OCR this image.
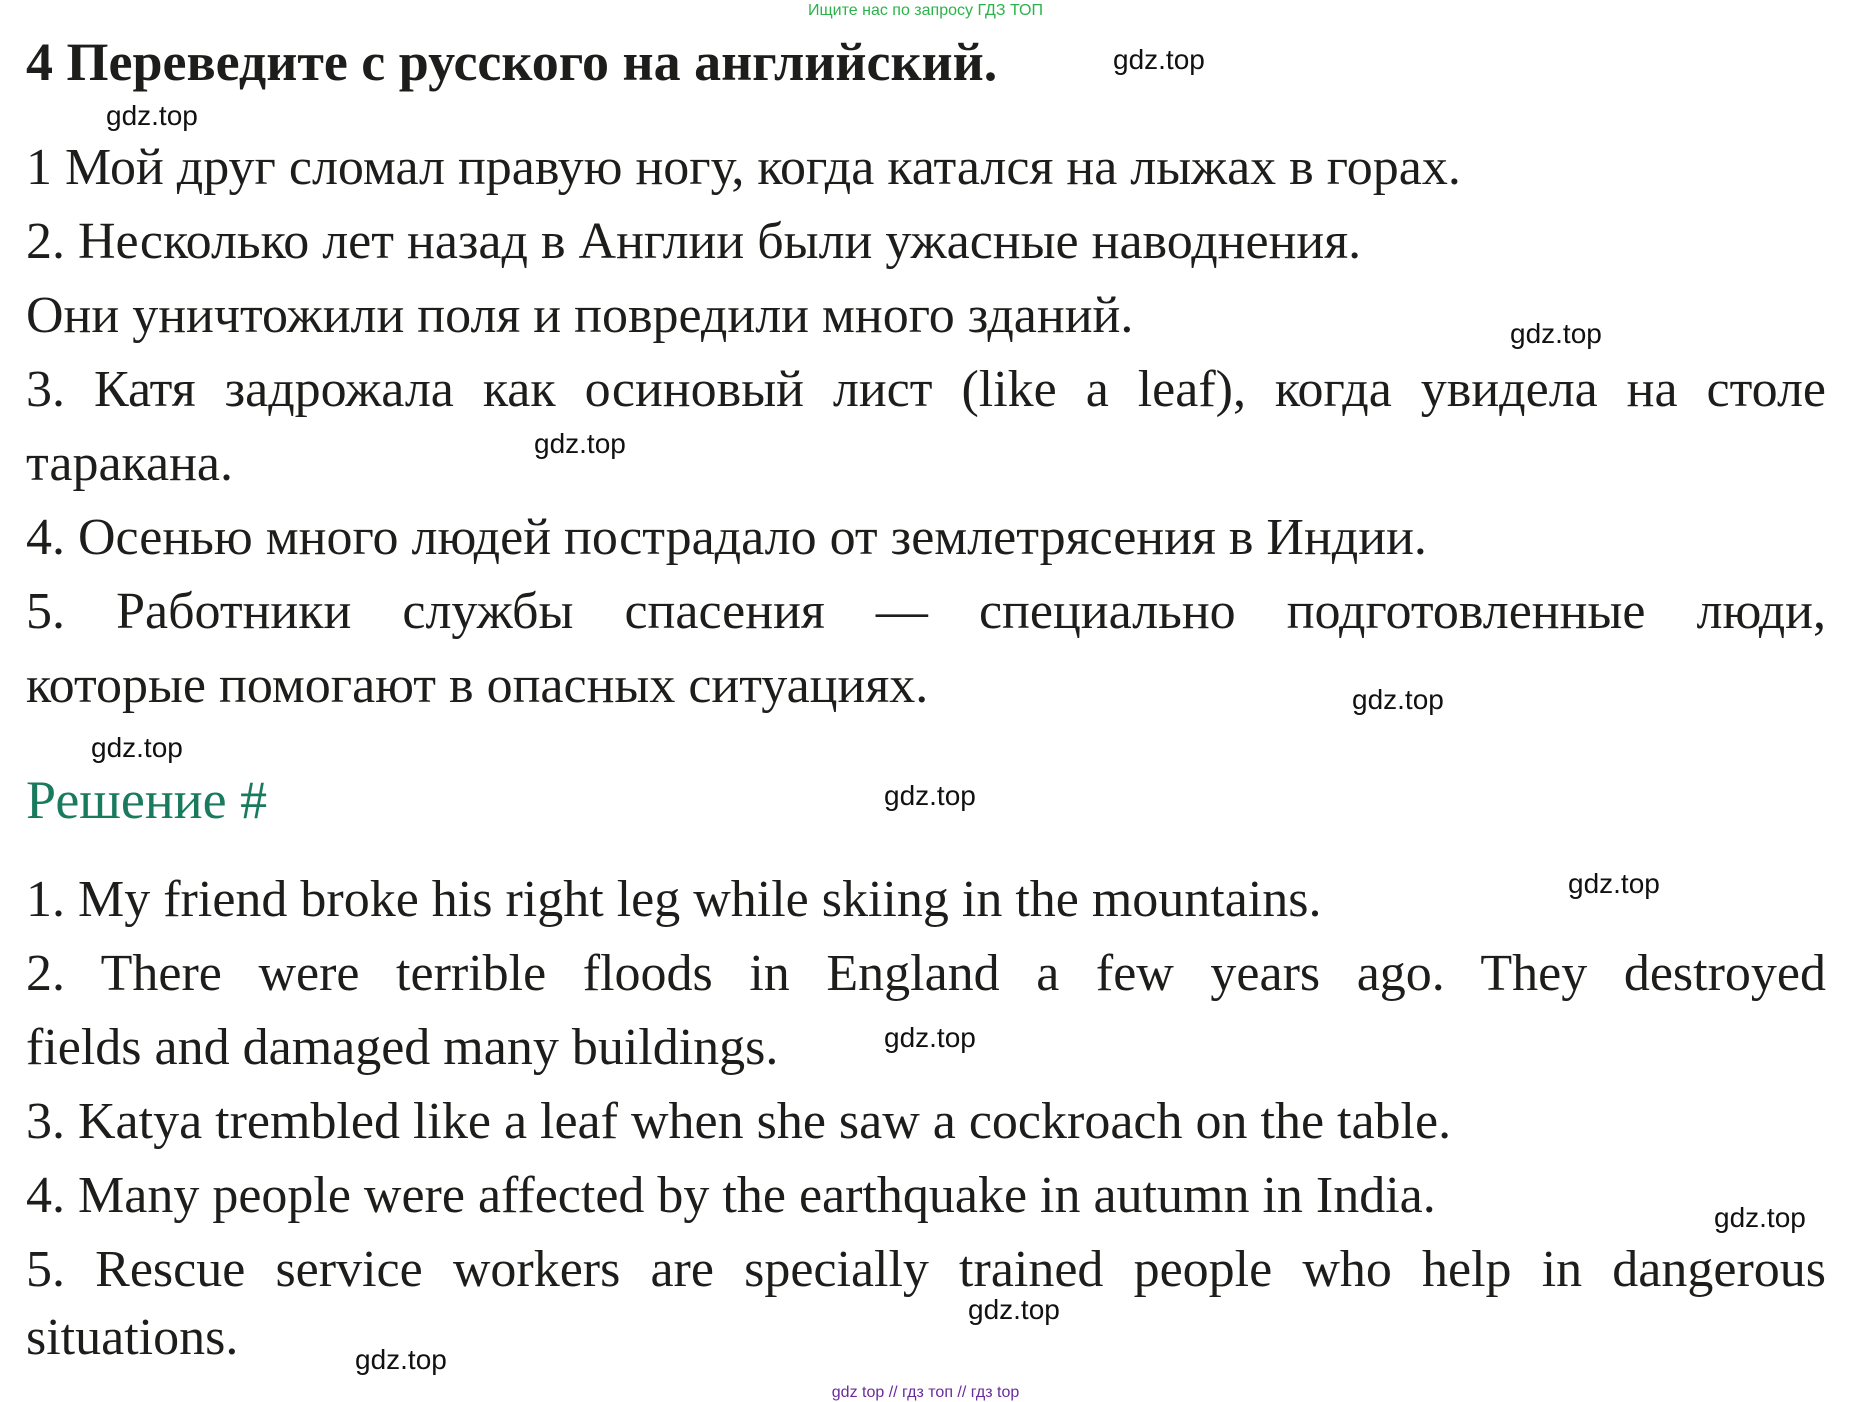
Ищите нас по запросу ГДЗ ТОП
4 Переведите с русского на английский.
1 Мой друг сломал правую ногу, когда катался на лыжах в горах.
2. Несколько лет назад в Англии были ужасные наводнения.
Они уничтожили поля и повредили много зданий.
3. Катя задрожала как осиновый лист (like a leaf), когда увидела на столе
таракана.
4. Осенью много людей пострадало от землетрясения в Индии.
5. Работники службы спасения — специально подготовленные люди,
которые помогают в опасных ситуациях.
Решение #
1. My friend broke his right leg while skiing in the mountains.
2. There were terrible floods in England a few years ago. They destroyed
fields and damaged many buildings.
3. Katya trembled like a leaf when she saw a cockroach on the table.
4. Many people were affected by the earthquake in autumn in India.
5. Rescue service workers are specially trained people who help in dangerous
situations.
gdz.top
gdz.top
gdz.top
gdz.top
gdz.top
gdz.top
gdz.top
gdz.top
gdz.top
gdz.top
gdz.top
gdz.top
gdz top // гдз топ // гдз top
